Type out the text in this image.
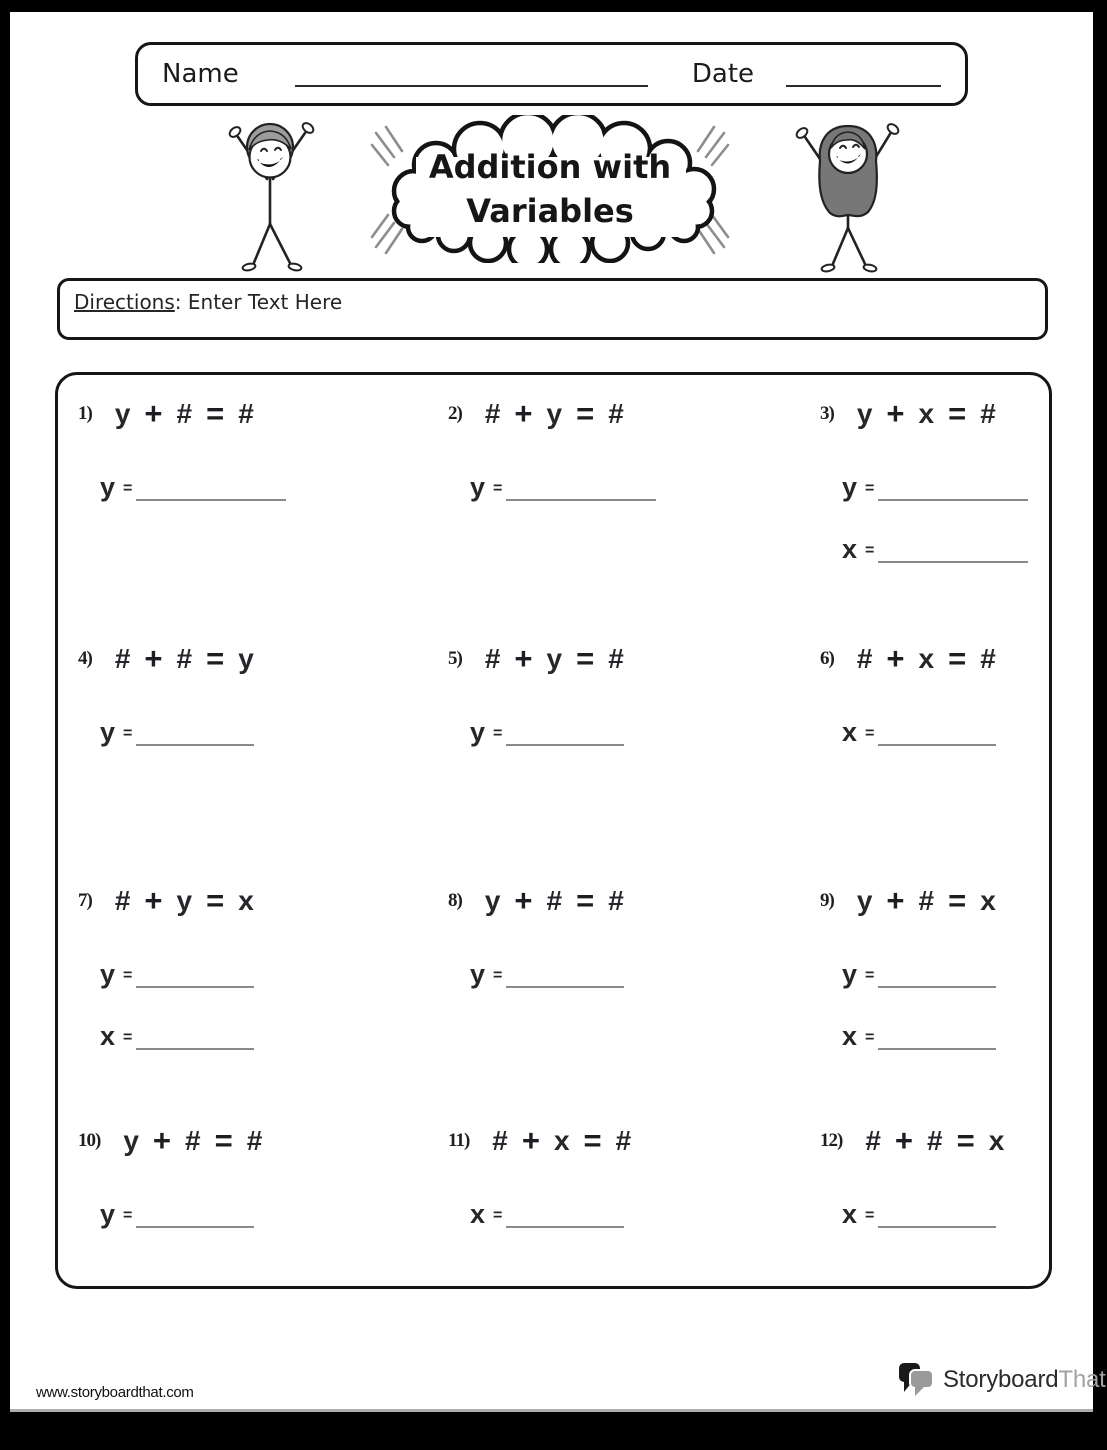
Name	Date
Addition with
Variables
Directions: Enter Text Here
1) y + # = #
y =
2) # + y = #
y =
3) y + x = #
y =
x =
4) # + # = y
y =
5) # + y = #
y =
6) # + x = #
x =
7) # + y = x
y =
x =
8) y + # = #
y =
9) y + # = x
y =
x =
10) y + # = #
y =
11) # + x = #
x =
12) # + # = x
x =
www.storyboardthat.com	StoryboardThat
